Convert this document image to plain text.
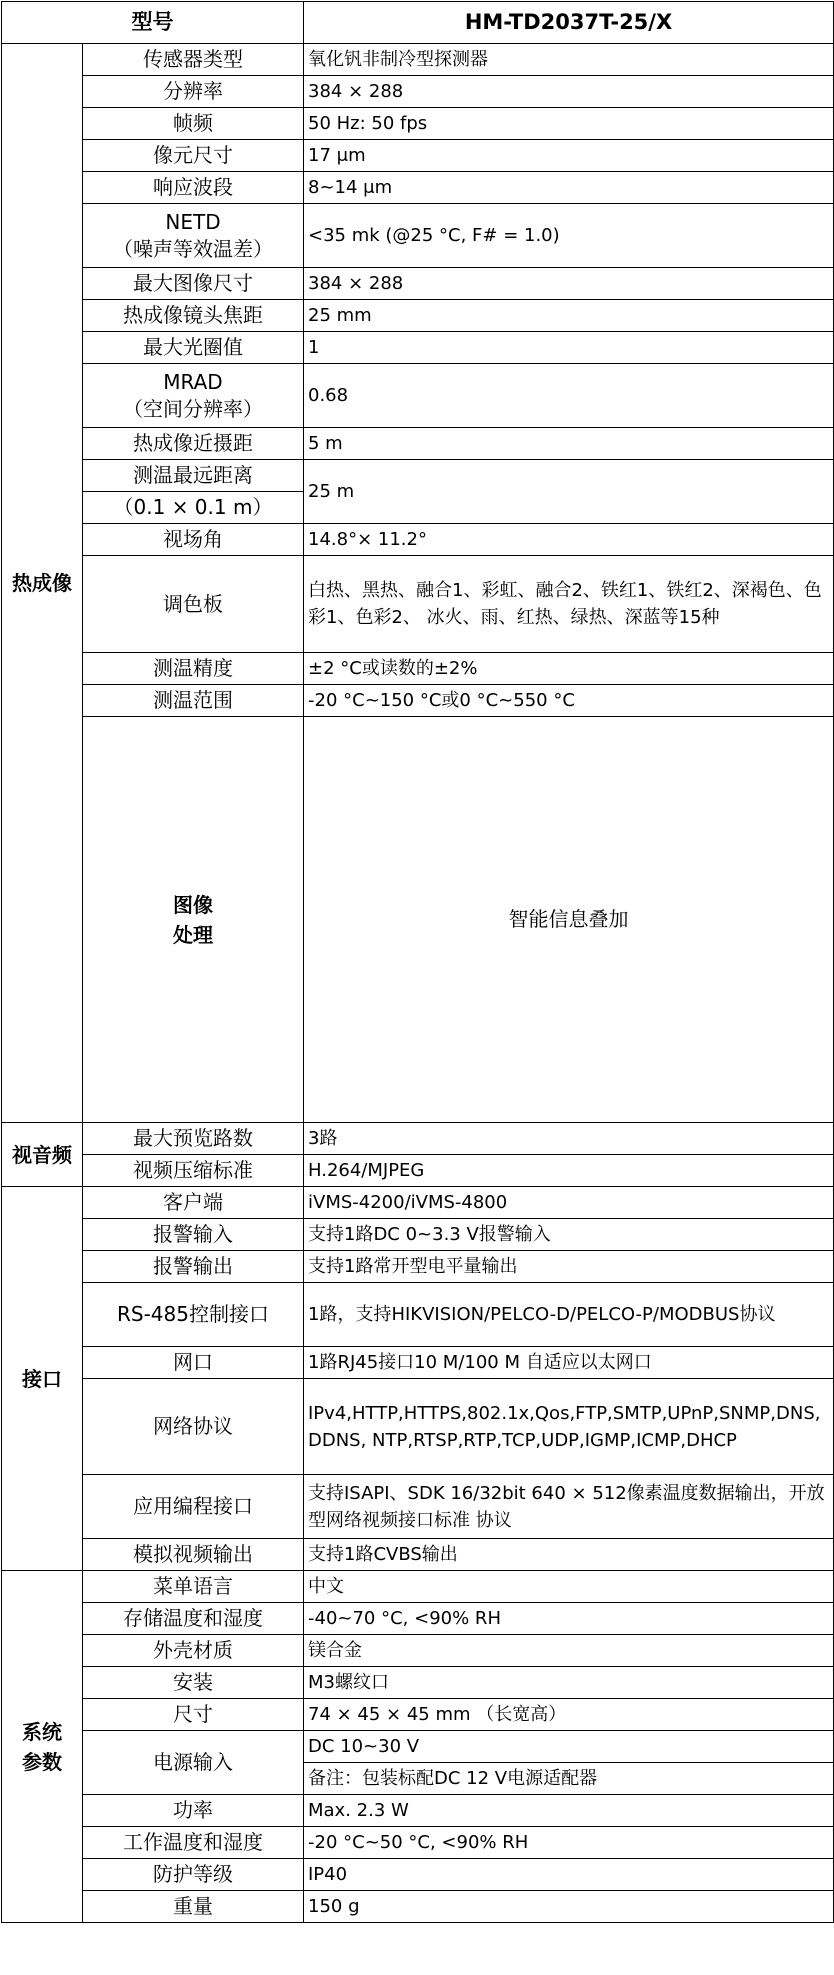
型号		HM-TD2037T-25/X	
热成像	传感器类型	氧化钒非制冷型探测器	
	分辨率	384 × 288	
	帧频	50 Hz: 50 fps	
	像元尺寸	17 μm	
	响应波段	8~14 μm	

	NETD
（噪声等效温差）	<35 mk (@25 °C, F# = 1.0)	
	最大图像尺寸	384 × 288	
	热成像镜头焦距	25 mm	
	最大光圈值	1	

	MRAD
（空间分辨率）	0.68	
	热成像近摄距	5 m	
	测温最远距离	25 m	
	（0.1 × 0.1 m）		
	视场角	14.8°× 11.2°	
	调色板	白热、黑热、融合1、彩虹、融合2、铁红1、铁红2、深褐色、色彩1、色彩2、 冰火、雨、红热、绿热、深蓝等15种	
	测温精度	±2 °C或读数的±2%	
	测温范围	-20 °C~150 °C或0 °C~550 °C	
	图像
处理	智能信息叠加	
视音频	最大预览路数	3路	
	视频压缩标准	H.264/MJPEG	
接口	客户端	iVMS-4200/iVMS-4800	
	报警输入	支持1路DC 0~3.3 V报警输入	
	报警输出	支持1路常开型电平量输出	
	RS-485控制接口	1路，支持HIKVISION/PELCO-D/PELCO-P/MODBUS协议	
	网口	1路RJ45接口10 M/100 M 自适应以太网口	
	网络协议	IPv4,HTTP,HTTPS,802.1x,Qos,FTP,SMTP,UPnP,SNMP,DNS,DDNS, NTP,RTSP,RTP,TCP,UDP,IGMP,ICMP,DHCP	
	应用编程接口	支持ISAPI、SDK 16/32bit 640 × 512像素温度数据输出，开放型网络视频接口标准 协议	
	模拟视频输出	支持1路CVBS输出	
系统
参数	菜单语言	中文	
	存储温度和湿度	-40~70 °C, <90% RH	
	外壳材质	镁合金	
	安装	M3螺纹口	
	尺寸	74 × 45 × 45 mm （长宽高）	
	电源输入	DC 10~30 V	
		备注：包装标配DC 12 V电源适配器	
	功率	Max. 2.3 W	
	工作温度和湿度	-20 °C~50 °C, <90% RH	
	防护等级	IP40	
	重量	150 g	
